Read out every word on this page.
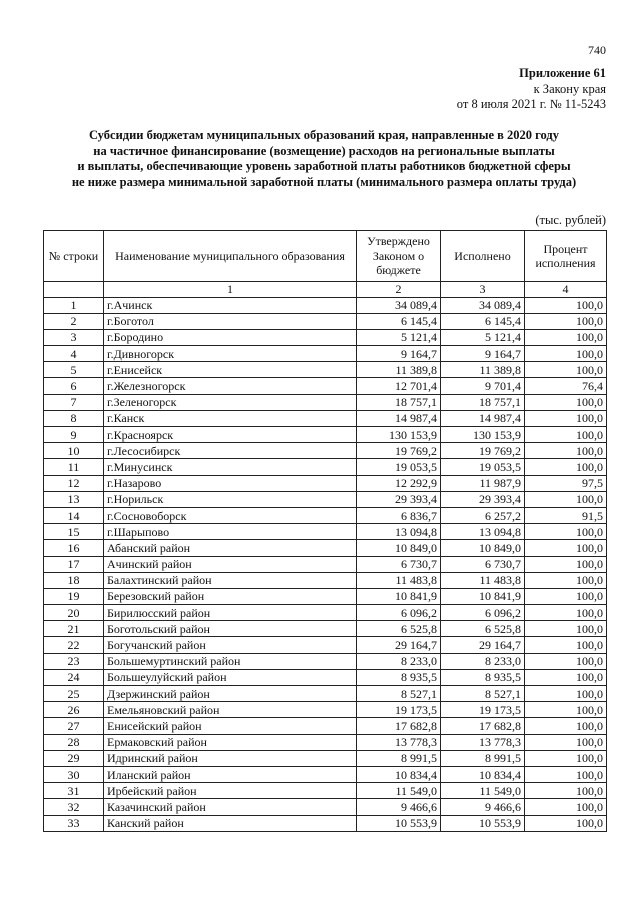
740
Приложение 61
к Закону края
от 8 июля 2021 г. № 11-5243
Субсидии бюджетам муниципальных образований края, направленные в 2020 году
на частичное финансирование (возмещение) расходов на региональные выплаты
и выплаты, обеспечивающие уровень заработной платы работников бюджетной сферы
не ниже размера минимальной заработной платы (минимального размера оплаты труда)
(тыс. рублей)
№ строки	Наименование муниципального образования	Утверждено Законом о бюджете	Исполнено	Процент исполнения
	1	2	3	4
1	г.Ачинск	34 089,4	34 089,4	100,0
2	г.Боготол	6 145,4	6 145,4	100,0
3	г.Бородино	5 121,4	5 121,4	100,0
4	г.Дивногорск	9 164,7	9 164,7	100,0
5	г.Енисейск	11 389,8	11 389,8	100,0
6	г.Железногорск	12 701,4	9 701,4	76,4
7	г.Зеленогорск	18 757,1	18 757,1	100,0
8	г.Канск	14 987,4	14 987,4	100,0
9	г.Красноярск	130 153,9	130 153,9	100,0
10	г.Лесосибирск	19 769,2	19 769,2	100,0
11	г.Минусинск	19 053,5	19 053,5	100,0
12	г.Назарово	12 292,9	11 987,9	97,5
13	г.Норильск	29 393,4	29 393,4	100,0
14	г.Сосновоборск	6 836,7	6 257,2	91,5
15	г.Шарыпово	13 094,8	13 094,8	100,0
16	Абанский район	10 849,0	10 849,0	100,0
17	Ачинский район	6 730,7	6 730,7	100,0
18	Балахтинский район	11 483,8	11 483,8	100,0
19	Березовский район	10 841,9	10 841,9	100,0
20	Бирилюсский район	6 096,2	6 096,2	100,0
21	Боготольский район	6 525,8	6 525,8	100,0
22	Богучанский район	29 164,7	29 164,7	100,0
23	Большемуртинский район	8 233,0	8 233,0	100,0
24	Большеулуйский район	8 935,5	8 935,5	100,0
25	Дзержинский район	8 527,1	8 527,1	100,0
26	Емельяновский район	19 173,5	19 173,5	100,0
27	Енисейский район	17 682,8	17 682,8	100,0
28	Ермаковский район	13 778,3	13 778,3	100,0
29	Идринский район	8 991,5	8 991,5	100,0
30	Иланский район	10 834,4	10 834,4	100,0
31	Ирбейский район	11 549,0	11 549,0	100,0
32	Казачинский район	9 466,6	9 466,6	100,0
33	Канский район	10 553,9	10 553,9	100,0
